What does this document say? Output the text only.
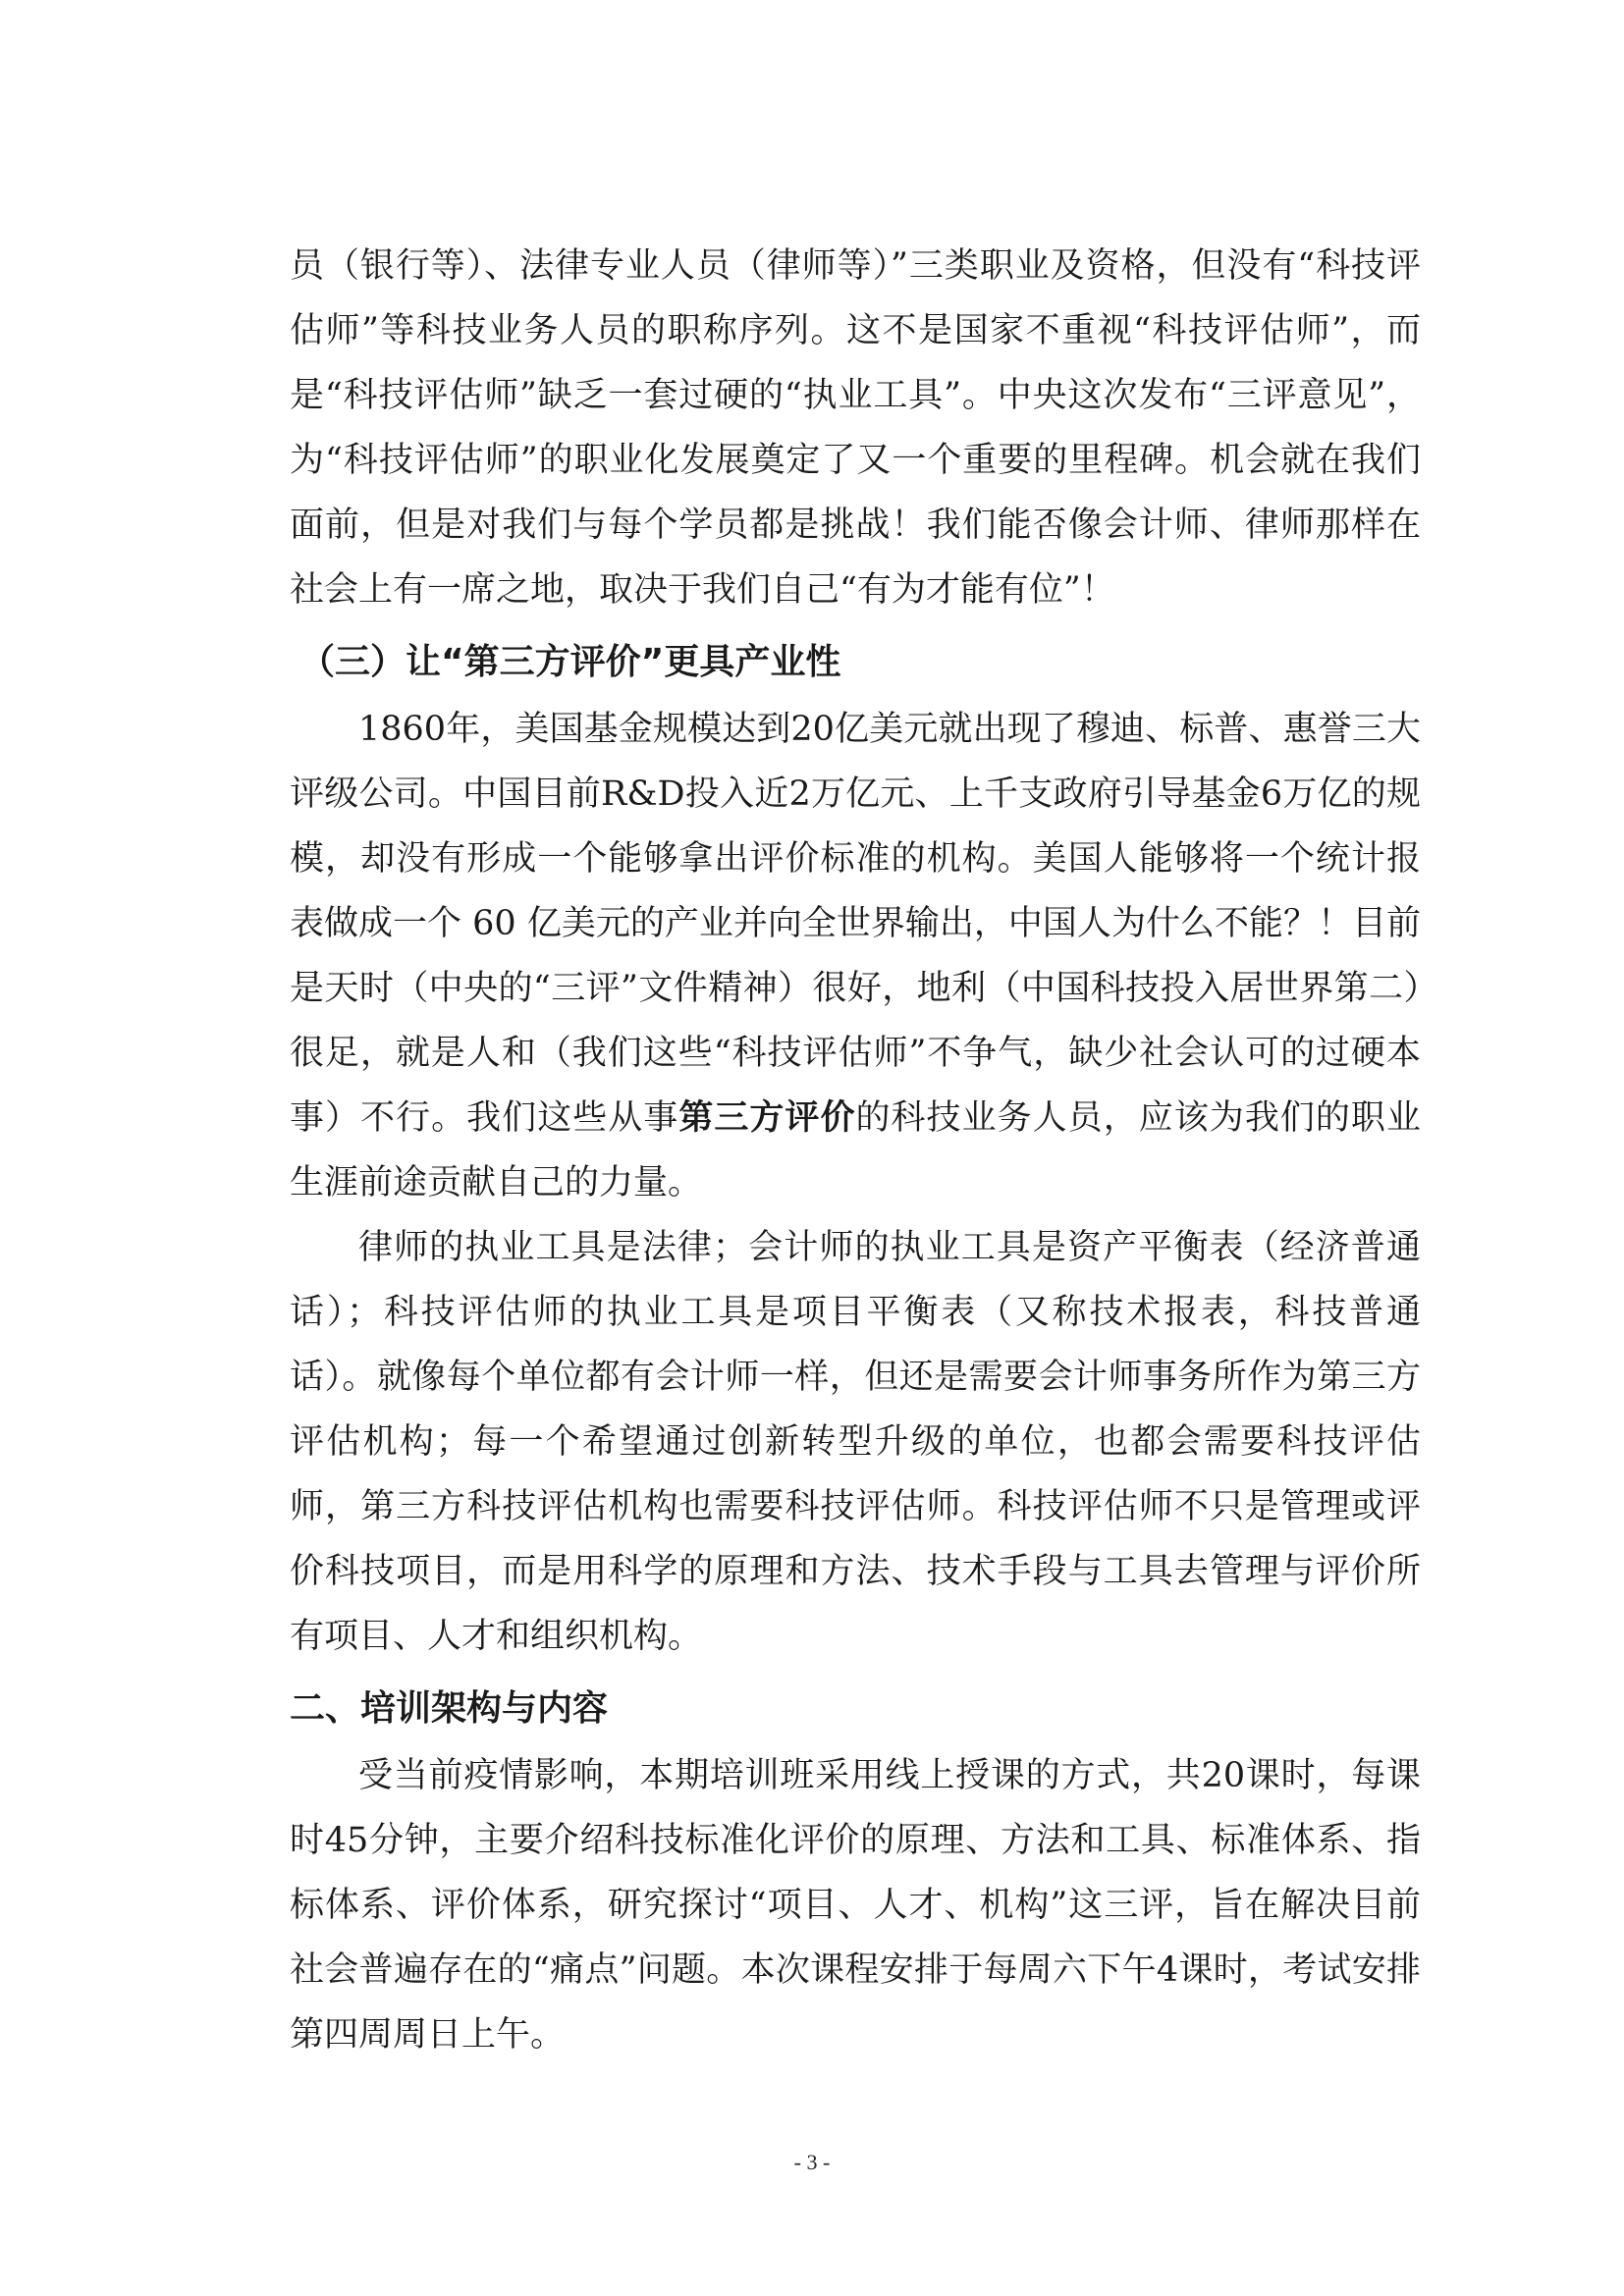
员（银行等）、法律专业人员（律师等）”三类职业及资格，但没有“科技评估师”等科技业务人员的职称序列。这不是国家不重视“科技评估师”，而是“科技评估师”缺乏一套过硬的“执业工具”。中央这次发布“三评意见”，为“科技评估师”的职业化发展奠定了又一个重要的里程碑。机会就在我们面前，但是对我们与每个学员都是挑战！我们能否像会计师、律师那样在社会上有一席之地，取决于我们自己“有为才能有位”！

（三）让“第三方评价”更具产业性

1860年，美国基金规模达到20亿美元就出现了穆迪、标普、惠誉三大评级公司。中国目前R&D投入近2万亿元、上千支政府引导基金6万亿的规模，却没有形成一个能够拿出评价标准的机构。美国人能够将一个统计报表做成一个 60 亿美元的产业并向全世界输出，中国人为什么不能？！目前是天时（中央的“三评”文件精神）很好，地利（中国科技投入居世界第二）很足，就是人和（我们这些“科技评估师”不争气，缺少社会认可的过硬本事）不行。我们这些从事第三方评价的科技业务人员，应该为我们的职业生涯前途贡献自己的力量。

律师的执业工具是法律；会计师的执业工具是资产平衡表（经济普通话）；科技评估师的执业工具是项目平衡表（又称技术报表，科技普通话）。就像每个单位都有会计师一样，但还是需要会计师事务所作为第三方评估机构；每一个希望通过创新转型升级的单位，也都会需要科技评估师，第三方科技评估机构也需要科技评估师。科技评估师不只是管理或评价科技项目，而是用科学的原理和方法、技术手段与工具去管理与评价所有项目、人才和组织机构。

二、培训架构与内容

受当前疫情影响，本期培训班采用线上授课的方式，共20课时，每课时45分钟，主要介绍科技标准化评价的原理、方法和工具、标准体系、指标体系、评价体系，研究探讨“项目、人才、机构”这三评，旨在解决目前社会普遍存在的“痛点”问题。本次课程安排于每周六下午4课时，考试安排第四周周日上午。

- 3 -
